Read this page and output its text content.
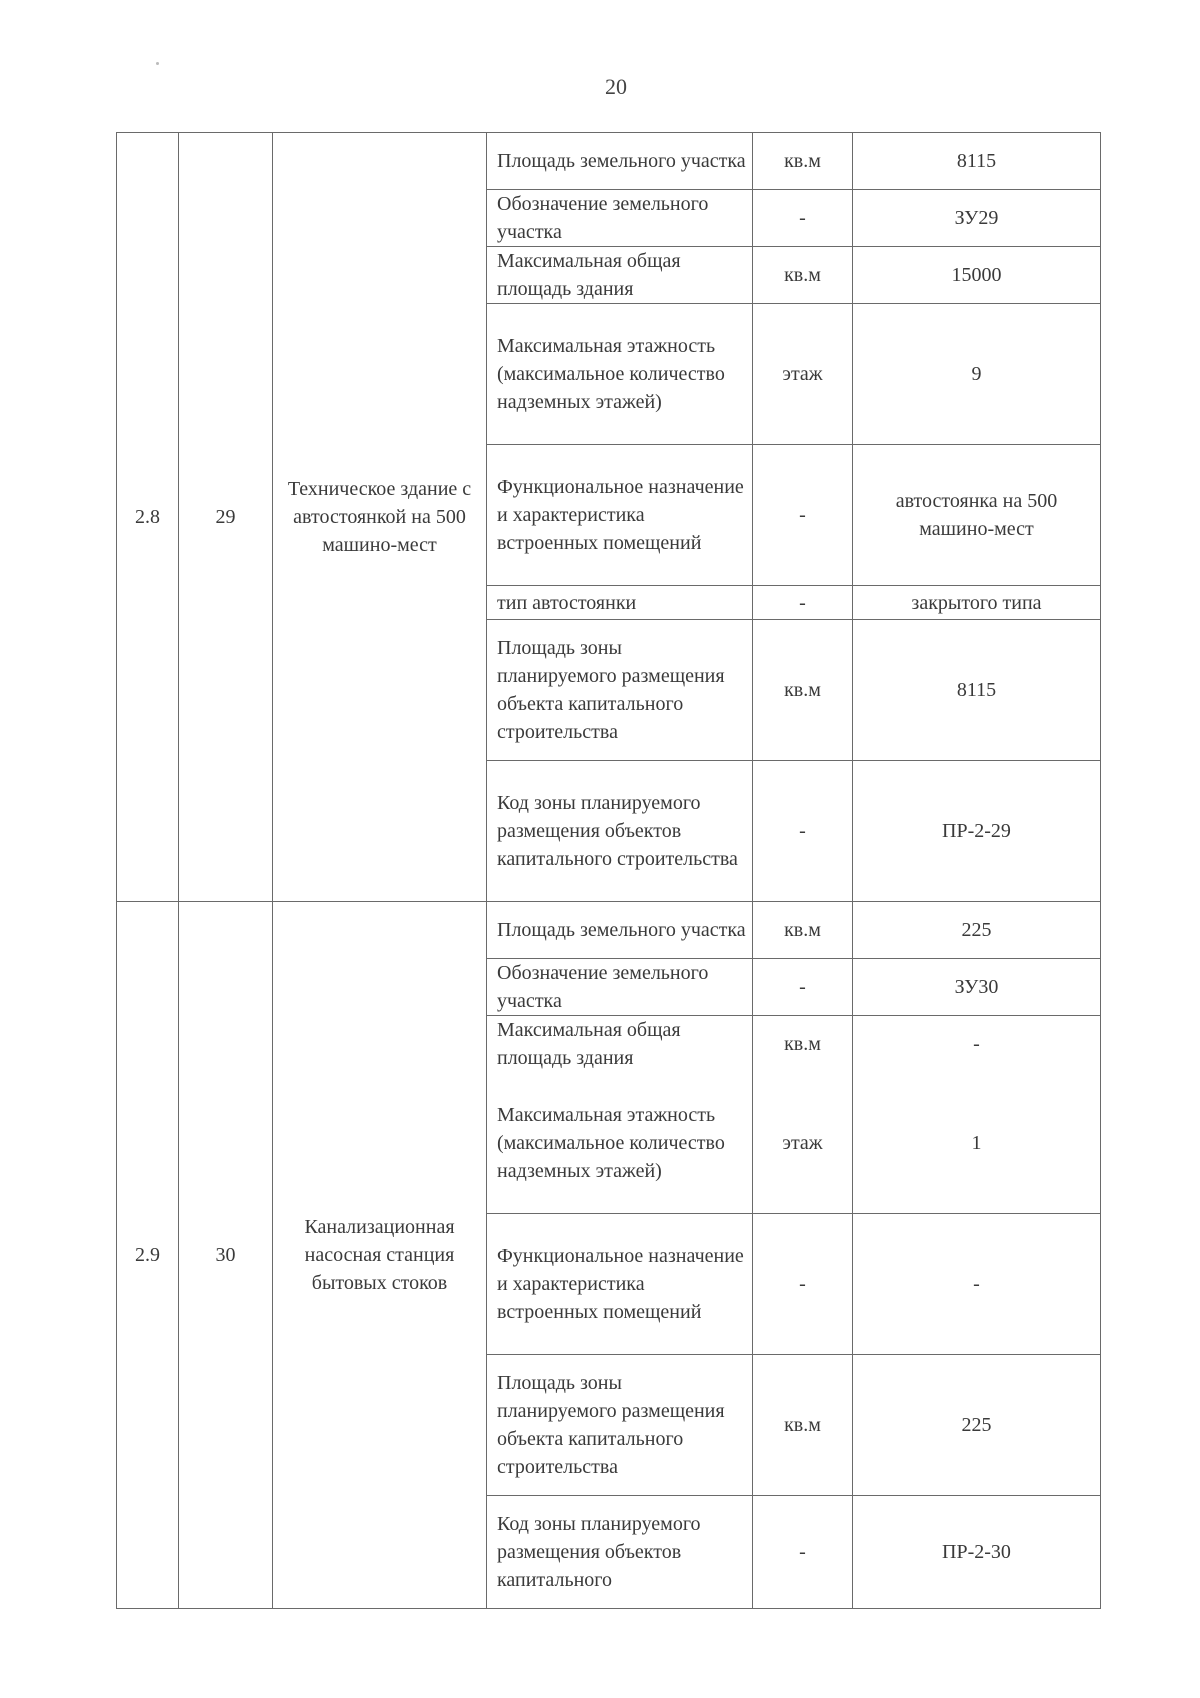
20
2.8	29	Техническое здание с автостоянкой на 500 машино-мест	Площадь земельного участка	кв.м	8115
			Обозначение земельного участка	-	ЗУ29
			Максимальная общая площадь здания	кв.м	15000
			Максимальная этажность (максимальное количество надземных этажей)	этаж	9
			Функциональное назначение и характеристика встроенных помещений	-	автостоянка на 500 машино-мест
			тип автостоянки	-	закрытого типа
			Площадь зоны планируемого размещения объекта капитального строительства	кв.м	8115
			Код зоны планируемого размещения объектов капитального строительства	-	ПР-2-29
2.9	30	Канализационная насосная станция бытовых стоков	Площадь земельного участка	кв.м	225
			Обозначение земельного участка	-	ЗУ30
			Максимальная общая площадь здания	кв.м	-
			Максимальная этажность (максимальное количество надземных этажей)	этаж	1
			Функциональное назначение и характеристика встроенных помещений	-	-
			Площадь зоны планируемого размещения объекта капитального строительства	кв.м	225
			Код зоны планируемого размещения объектов капитального	-	ПР-2-30
